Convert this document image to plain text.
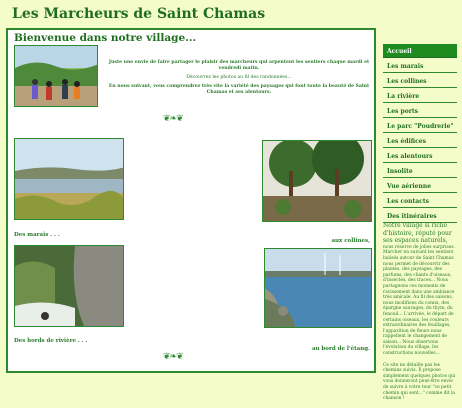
Les Marcheurs de Saint Chamas
Bienvenue dans notre village...

Juste une envie de faire partager le plaisir des marcheurs qui arpentent les sentiers chaque mardi et vendredi matin.

Découvrez les photos au fil des randonnées...

En nous suivant, vous comprendrez très vite la variété des paysages qui font toute la beauté de Saint Chamas et ses alentours.

❦❧❦
Des marais . . .
aux collines,
Des bords de rivière . . .
au bord de l'étang.
❦❧❦
Accueil
Les marais
Les collines
La rivière
Les ports
Le parc "Poudrerie"
Les édifices
Les alentours
Insolite
Vue aérienne
Les contacts
Des itinéraires

Notre village si riche d'histoire, réputé pour ses espaces naturels, nous réserve de jolies surprises. Marcher en suivant les sentiers balisés autour de Saint Chamas nous permet de découvrir des plantes, des paysages, des parfums, des chants d'oiseaux, d'insectes, des traces... Nous partageons ces moments de ravissement dans une ambiance très amicale. Au fil des saisons, nous modifions du connu, des épargne sauvages, du thym, du fenouil... L'arrivée, le départ de certains oiseaux, les couleurs extraordinaires des feuillages, l'apparition de fleurs nous rappellent le changement de saison... Nous observons l'évolution du village, les constructions nouvelles...

Ce site ne détaille pas les chemins suivis. Il propose simplement quelques photos qui vous donneront peut-être envie de suivre à votre tour "ce petit chemin qui sent..." comme dit la chanson !
